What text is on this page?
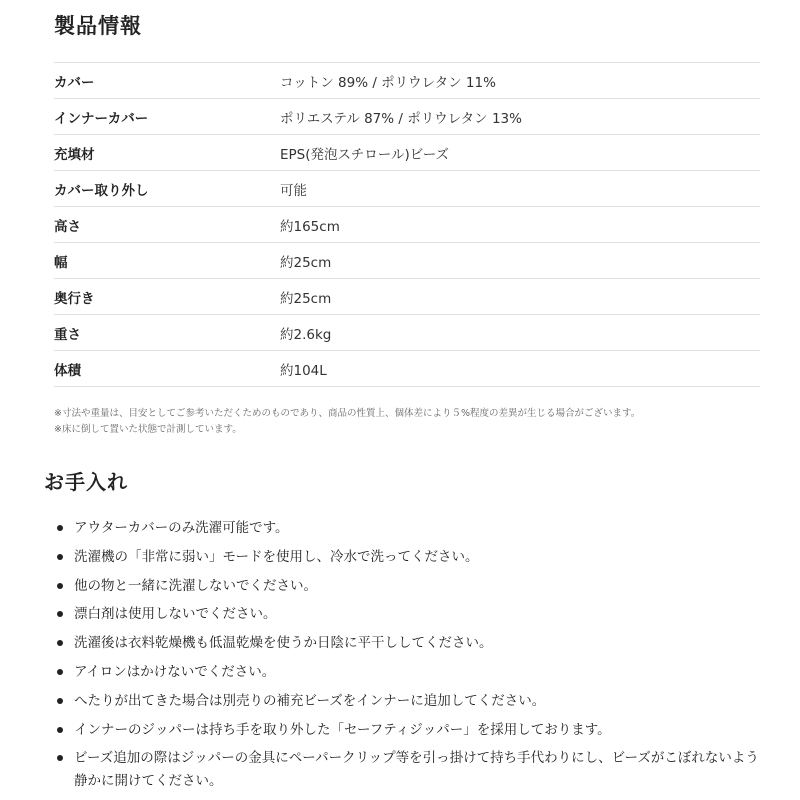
製品情報
カバー	コットン 89% / ポリウレタン 11%
インナーカバー	ポリエステル 87% / ポリウレタン 13%
充填材	EPS(発泡スチロール)ビーズ
カバー取り外し	可能
高さ	約165cm
幅	約25cm
奥行き	約25cm
重さ	約2.6kg
体積	約104L
※寸法や重量は、目安としてご参考いただくためのものであり、商品の性質上、個体差により５%程度の差異が生じる場合がございます。
※床に倒して置いた状態で計測しています。
お手入れ
アウターカバーのみ洗濯可能です。
洗濯機の「非常に弱い」モードを使用し、冷水で洗ってください。
他の物と一緒に洗濯しないでください。
漂白剤は使用しないでください。
洗濯後は衣料乾燥機も低温乾燥を使うか日陰に平干ししてください。
アイロンはかけないでください。
へたりが出てきた場合は別売りの補充ビーズをインナーに追加してください。
インナーのジッパーは持ち手を取り外した「セーフティジッパー」を採用しております。
ビーズ追加の際はジッパーの金具にペーパークリップ等を引っ掛けて持ち手代わりにし、ビーズがこぼれないよう静かに開けてください。
